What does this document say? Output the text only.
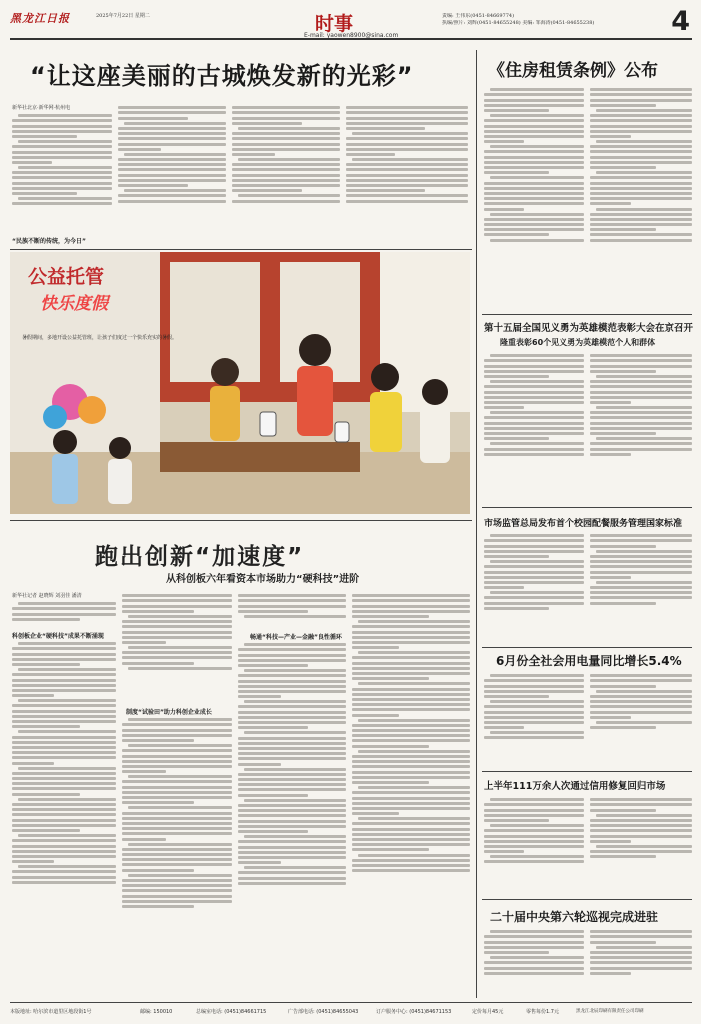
黑龙江日报	2025年7月22日 星期二	时事
E-mail: yaowen8900@sina.com
责编: 王伟东(0451-84669774)
执编/照片: 刘辉(0451-84655248) 美编: 邹海涛(0451-84655238)	4
“让这座美丽的古城焕发新的光彩”
新华社北京·新华网·杭州电
“民族不断的传统，为今日”
公益托管
快乐度假
暑假期间，多地开设公益托管班，让孩子们度过一个快乐充实的暑假。
跑出创新“加速度”
从科创板六年看资本市场助力“硬科技”进阶
新华社记者 赵晓辉 刘羽佳 潘清
科创板企业“硬科技”成果不断涌现
制度“试验田”助力科创企业成长
畅通“科技—产业—金融”良性循环
《住房租赁条例》公布
第十五届全国见义勇为英雄模范表彰大会在京召开
隆重表彰60个见义勇为英雄模范个人和群体
市场监管总局发布首个校园配餐服务管理国家标准
6月份全社会用电量同比增长5.4%
上半年111万余人次通过信用修复回归市场
二十届中央第六轮巡视完成进驻
本版地址: 哈尔滨市道里区地段街1号	邮编: 150010	总编室电话: (0451)84661715	广告部电话: (0451)84655043	订户服务中心: (0451)84671153	定价每月45元	零售每份1.7元	黑龙江北辰印刷有限责任公司印刷
